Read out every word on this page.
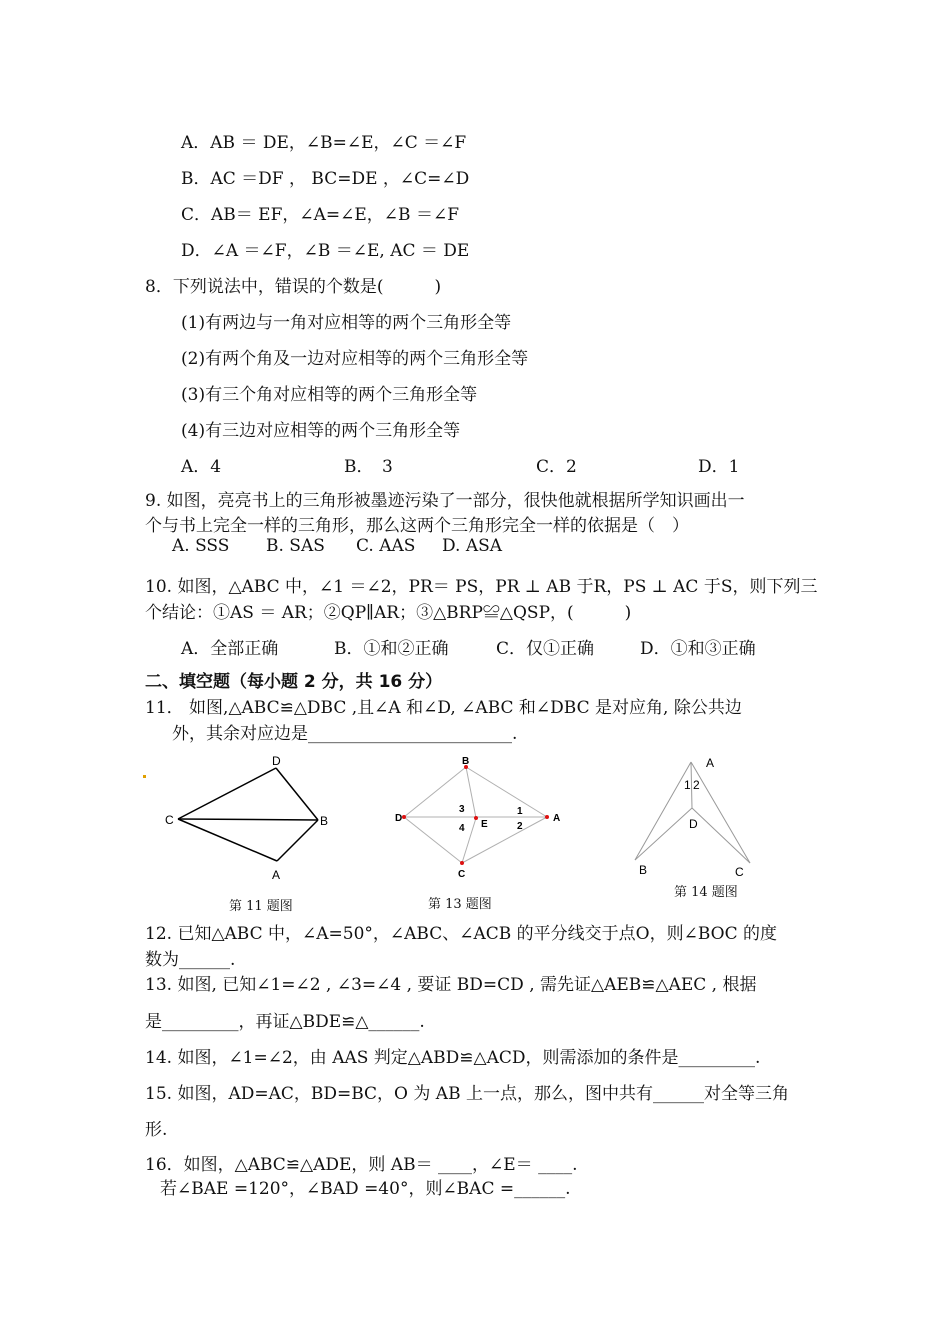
A．AB ＝ DE，∠B=∠E，∠C ＝∠F
B．AC ＝DF ， BC=DE ，∠C=∠D
C．AB＝ EF，∠A=∠E，∠B ＝∠F
D．∠A ＝∠F，∠B ＝∠E, AC ＝ DE
8．下列说法中，错误的个数是(　　　)
(1)有两边与一角对应相等的两个三角形全等
(2)有两个角及一边对应相等的两个三角形全等
(3)有三个角对应相等的两个三角形全等
(4)有三边对应相等的两个三角形全等
A．4	B．　3	C．2	D．1
9. 如图，亮亮书上的三角形被墨迹污染了一部分，很快他就根据所学知识画出一
个与书上完全一样的三角形，那么这两个三角形完全一样的依据是（　）
A. SSS B. SAS C. AAS D. ASA
10. 如图，△ABC 中，∠1 ＝∠2，PR＝ PS，PR ⊥ AB 于R，PS ⊥ AC 于S，则下列三
个结论：①AS ＝ AR；②QP∥AR；③△BRP≌△QSP，(　　　)
A．全部正确	B．①和②正确	C．仅①正确	D．①和③正确
二、填空题（每小题 2 分，共 16 分）
11． 如图,△ABC≌△DBC ,且∠A 和∠D, ∠ABC 和∠DBC 是对应角, 除公共边
外，其余对应边是________________________.
D
C	B
A
第 11 题图
B
D	A
C
E
1
2
3
4
第 13 题图
A
1 2
D
B	C
第 14 题图
12. 已知△ABC 中，∠A=50°，∠ABC、∠ACB 的平分线交于点O，则∠BOC 的度
数为______.
13. 如图, 已知∠1=∠2 , ∠3=∠4 , 要证 BD=CD , 需先证△AEB≌△AEC , 根据
是_________，再证△BDE≌△______.
14. 如图，∠1=∠2，由 AAS 判定△ABD≌△ACD，则需添加的条件是_________.
15. 如图，AD=AC，BD=BC，O 为 AB 上一点，那么，图中共有______对全等三角
形.
16．如图，△ABC≌△ADE，则 AB＝ ____，∠E＝ ____.
若∠BAE =120°，∠BAD =40°，则∠BAC =______.
